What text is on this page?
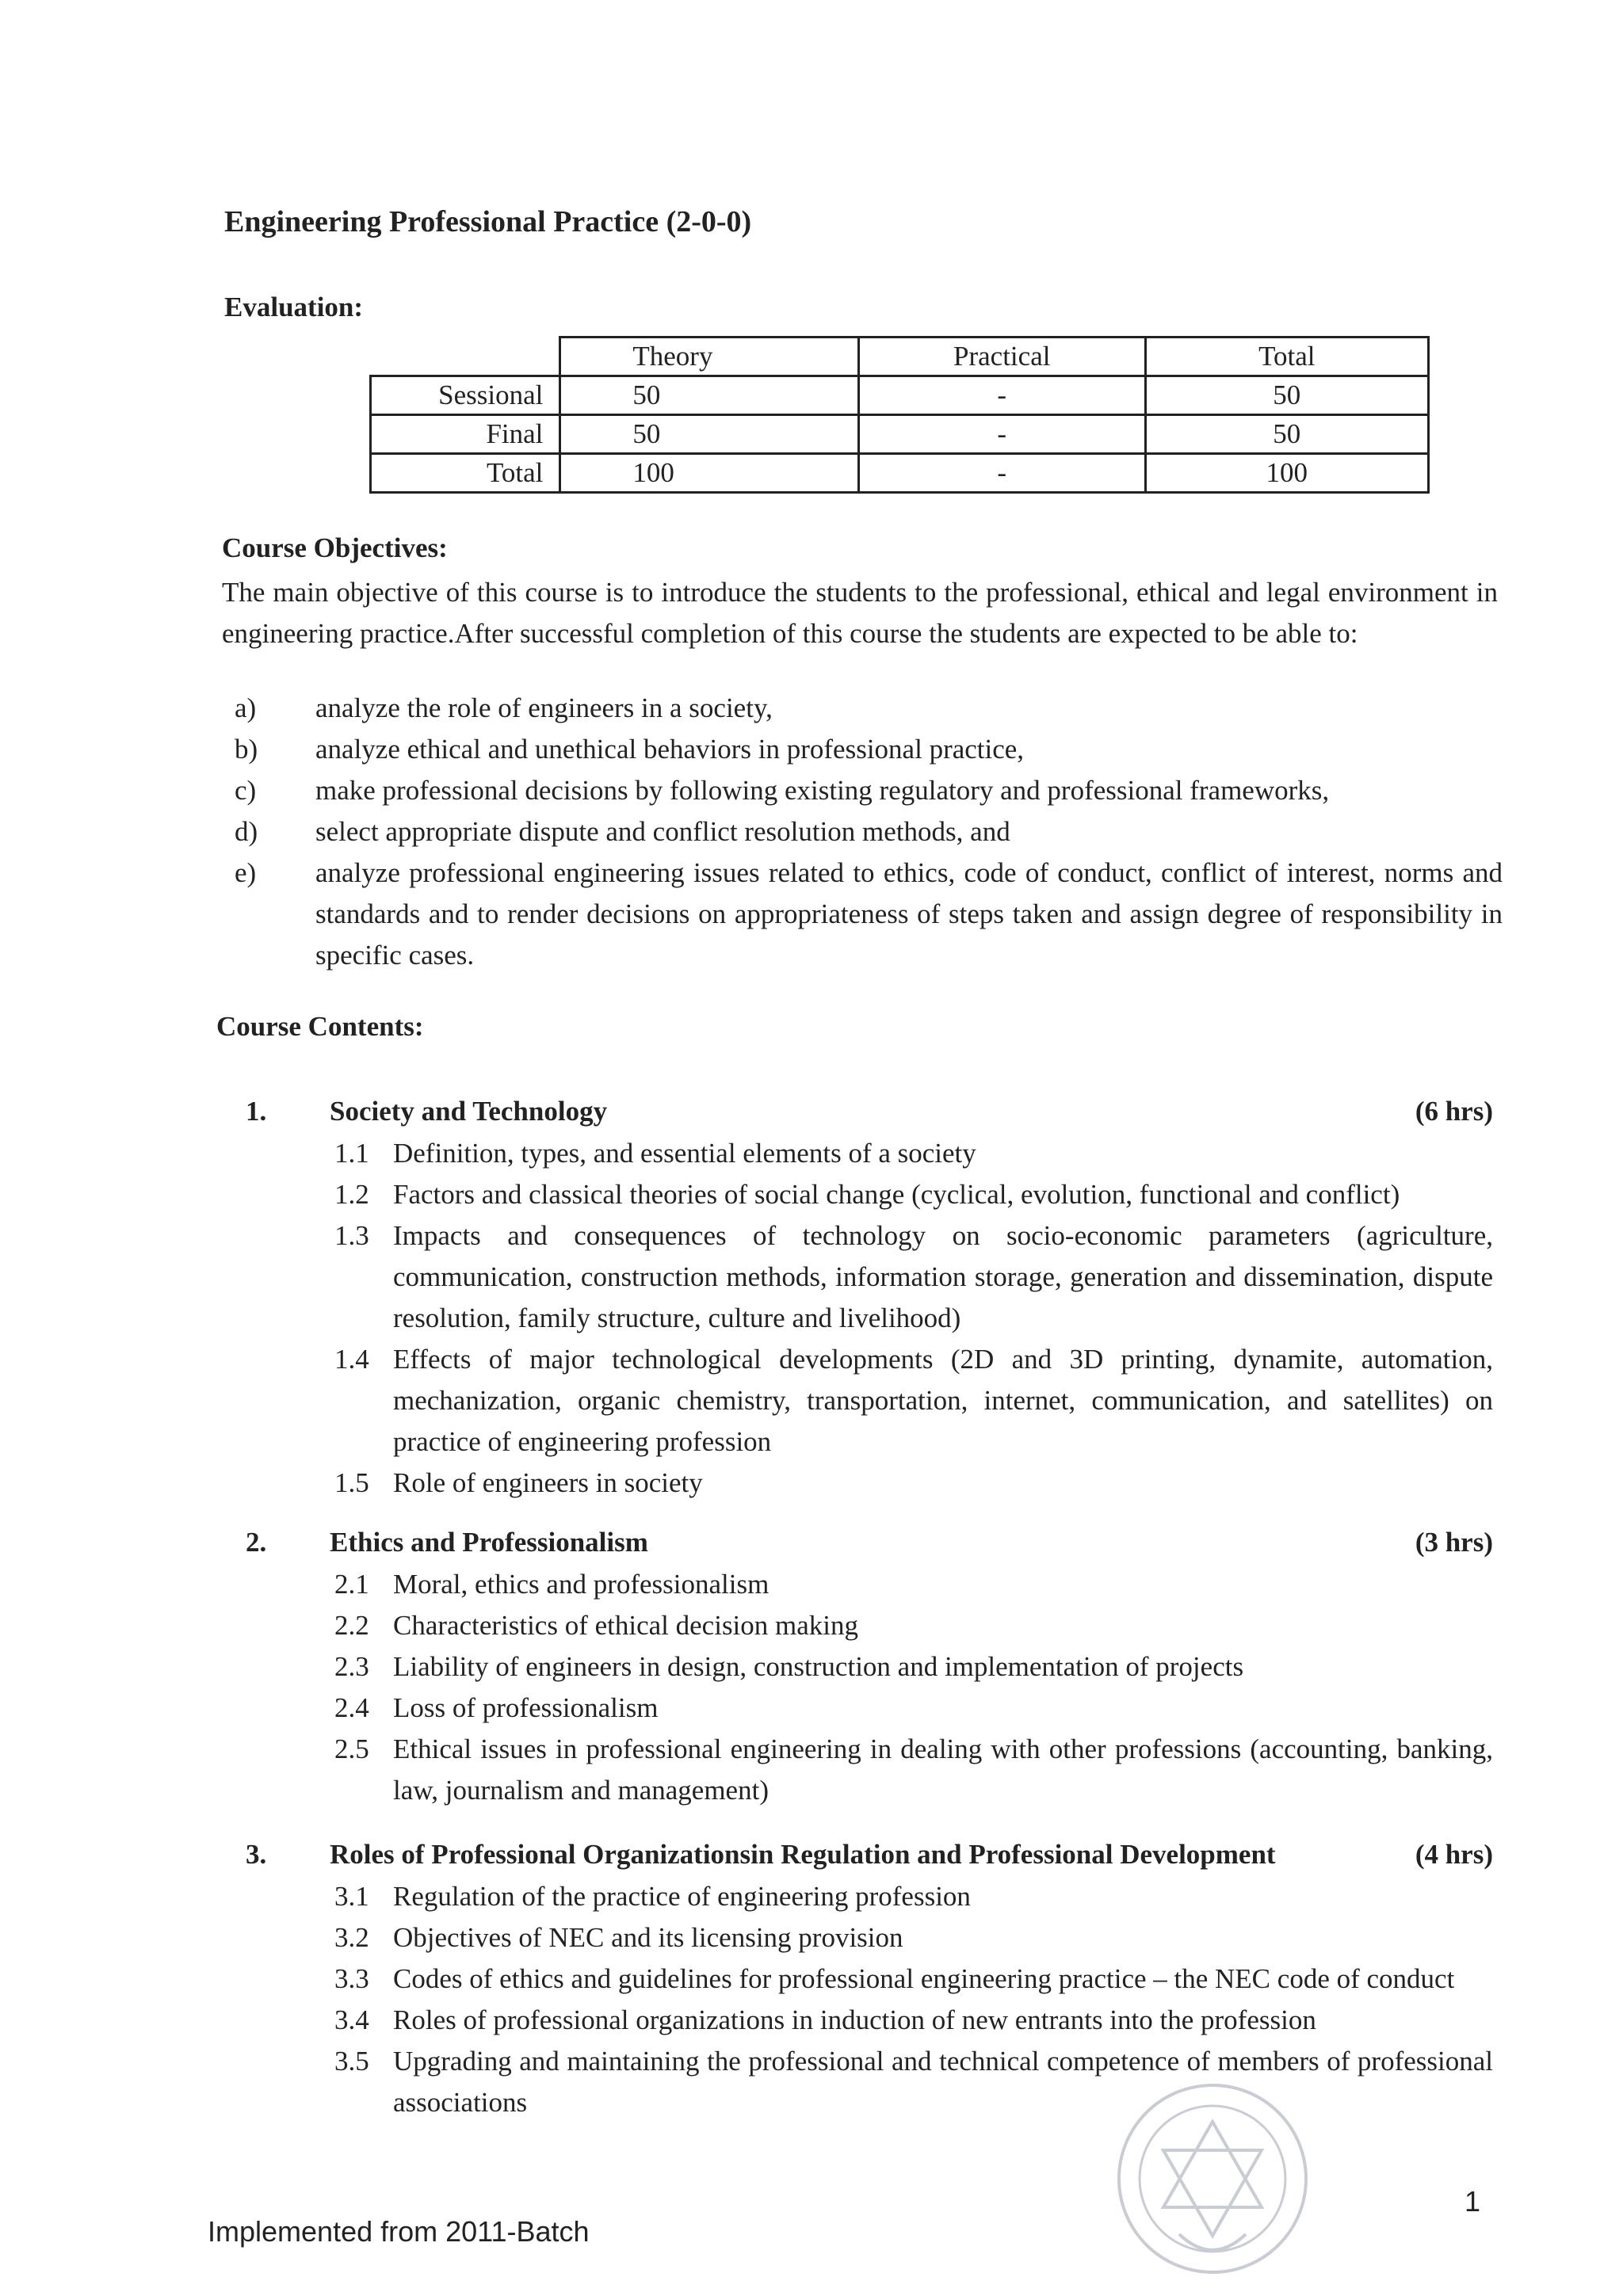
Engineering Professional Practice (2-0-0)
Evaluation:
	Theory	Practical	Total
Sessional	50	-	50
Final	50	-	50
Total	100	-	100
Course Objectives:
The main objective of this course is to introduce the students to the professional, ethical and legal environment in engineering practice.After successful completion of this course the students are expected to be able to:
a)	analyze the role of engineers in a society,
b)	analyze ethical and unethical behaviors in professional practice,
c)	make professional decisions by following existing regulatory and professional frameworks,
d)	select appropriate dispute and conflict resolution methods, and
e)	analyze professional engineering issues related to ethics, code of conduct, conflict of interest, norms and standards and to render decisions on appropriateness of steps taken and assign degree of responsibility in specific cases.
Course Contents:
1.	Society and Technology	(6 hrs)
1.1 Definition, types, and essential elements of a society
1.2 Factors and classical theories of social change (cyclical, evolution, functional and conflict)
1.3 Impacts and consequences of technology on socio-economic parameters (agriculture, communication, construction methods, information storage, generation and dissemination, dispute resolution, family structure, culture and livelihood)
1.4 Effects of major technological developments (2D and 3D printing, dynamite, automation, mechanization, organic chemistry, transportation, internet, communication, and satellites) on practice of engineering profession
1.5 Role of engineers in society
2.	Ethics and Professionalism	(3 hrs)
2.1 Moral, ethics and professionalism
2.2 Characteristics of ethical decision making
2.3 Liability of engineers in design, construction and implementation of projects
2.4 Loss of professionalism
2.5 Ethical issues in professional engineering in dealing with other professions (accounting, banking, law, journalism and management)
3.	Roles of Professional Organizationsin Regulation and Professional Development	(4 hrs)
3.1 Regulation of the practice of engineering profession
3.2 Objectives of NEC and its licensing provision
3.3 Codes of ethics and guidelines for professional engineering practice – the NEC code of conduct
3.4 Roles of professional organizations in induction of new entrants into the profession
3.5 Upgrading and maintaining the professional and technical competence of members of professional associations
1
Implemented from 2011-Batch
